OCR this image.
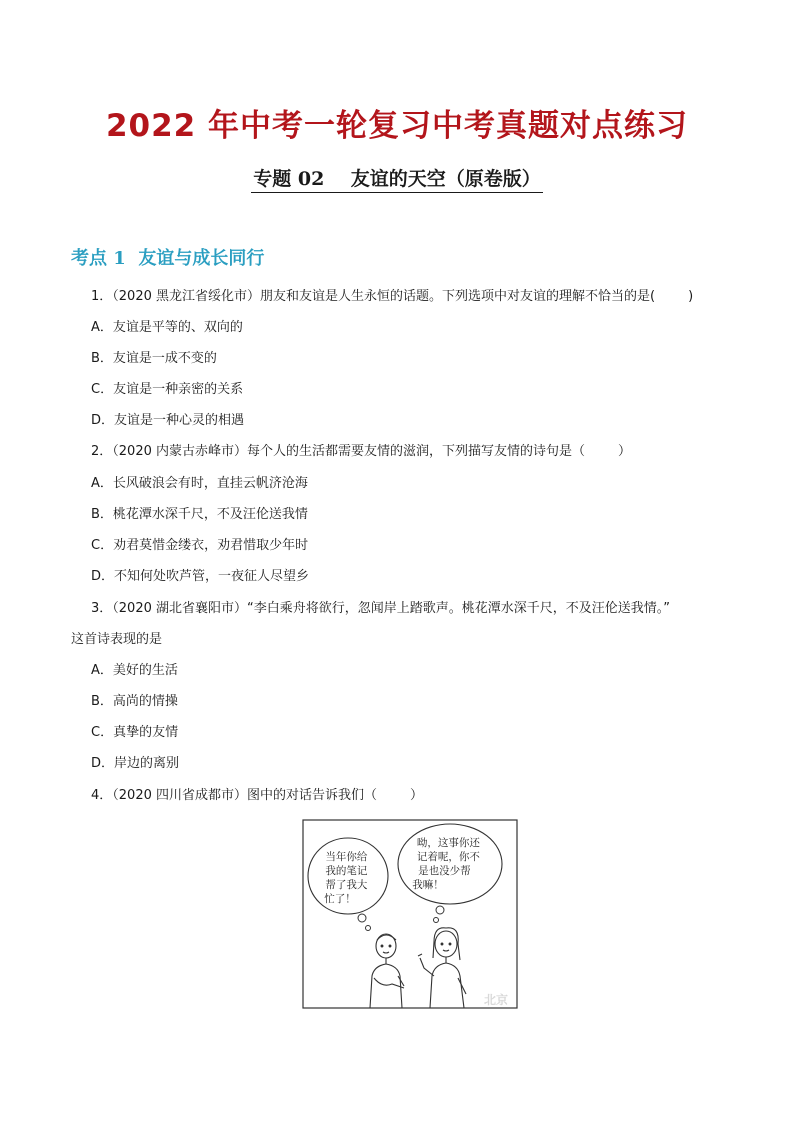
2022 年中考一轮复习中考真题对点练习
专题 02    友谊的天空（原卷版）
考点 1  友谊与成长同行
1．（2020 黑龙江省绥化市）朋友和友谊是人生永恒的话题。下列选项中对友谊的理解不恰当的是(        )
A．友谊是平等的、双向的
B．友谊是一成不变的
C．友谊是一种亲密的关系
D．友谊是一种心灵的相遇
2．（2020 内蒙古赤峰市）每个人的生活都需要友情的滋润，下列描写友情的诗句是（        ）
A．长风破浪会有时，直挂云帆济沧海
B．桃花潭水深千尺，不及汪伦送我情
C．劝君莫惜金缕衣，劝君惜取少年时
D．不知何处吹芦管，一夜征人尽望乡
3．（2020 湖北省襄阳市）“李白乘舟将欲行，忽闻岸上踏歌声。桃花潭水深千尺，不及汪伦送我情。”
这首诗表现的是
A．美好的生活
B．高尚的情操
C．真挚的友情
D．岸边的离别
4．（2020 四川省成都市）图中的对话告诉我们（        ）
当年你给 我的笔记 帮了我大 忙了！
呦，这事你还 记着呢，你不 是也没少帮 我嘛！
北京
